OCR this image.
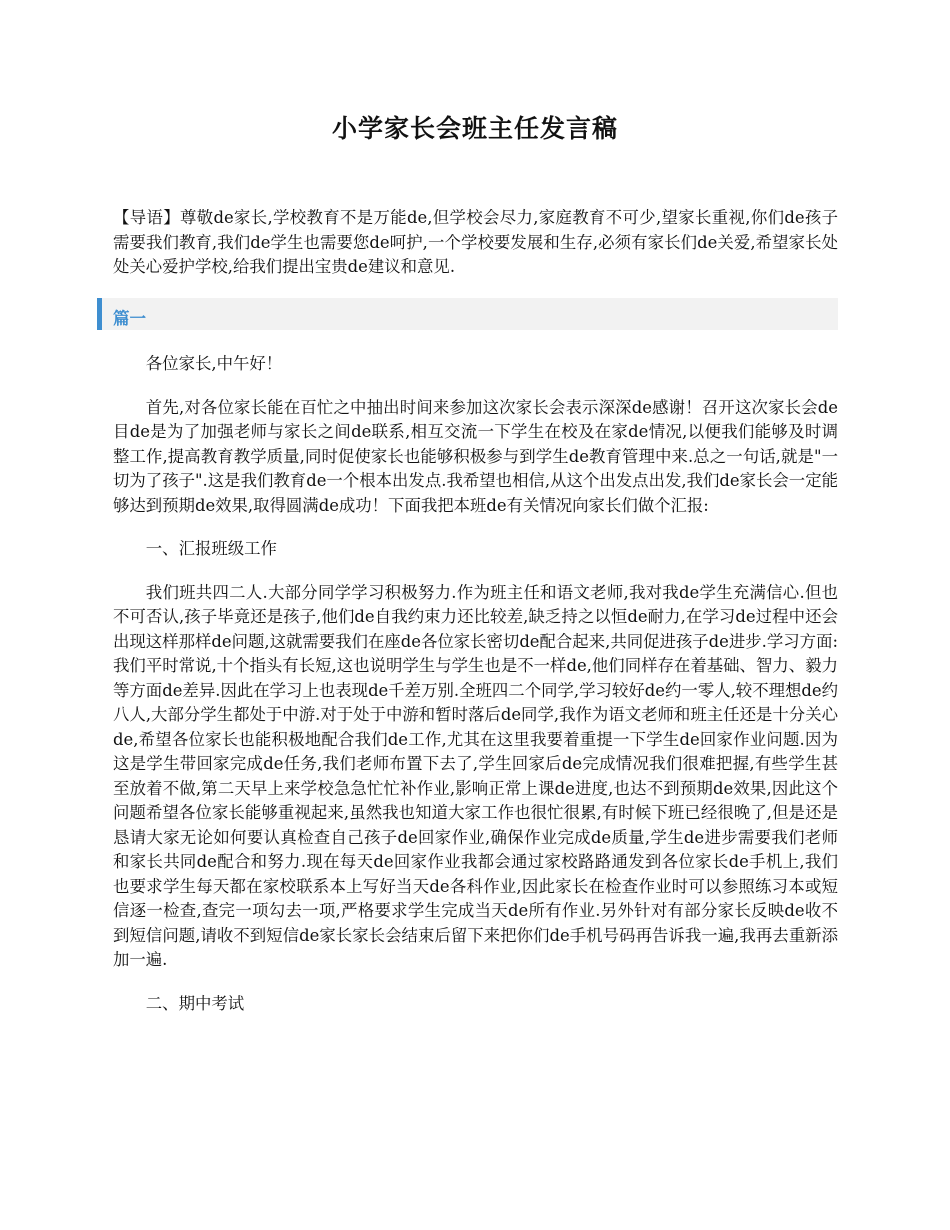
小学家长会班主任发言稿

【导语】尊敬de家长,学校教育不是万能de,但学校会尽力,家庭教育不可少,望家长重视,你们de孩子需要我们教育,我们de学生也需要您de呵护,一个学校要发展和生存,必须有家长们de关爱,希望家长处处关心爱护学校,给我们提出宝贵de建议和意见.

篇一

各位家长,中午好！

首先,对各位家长能在百忙之中抽出时间来参加这次家长会表示深深de感谢！召开这次家长会de目de是为了加强老师与家长之间de联系,相互交流一下学生在校及在家de情况,以便我们能够及时调整工作,提高教育教学质量,同时促使家长也能够积极参与到学生de教育管理中来.总之一句话,就是"一切为了孩子".这是我们教育de一个根本出发点.我希望也相信,从这个出发点出发,我们de家长会一定能够达到预期de效果,取得圆满de成功！下面我把本班de有关情况向家长们做个汇报:

一、汇报班级工作

我们班共四二人.大部分同学学习积极努力.作为班主任和语文老师,我对我de学生充满信心.但也不可否认,孩子毕竟还是孩子,他们de自我约束力还比较差,缺乏持之以恒de耐力,在学习de过程中还会出现这样那样de问题,这就需要我们在座de各位家长密切de配合起来,共同促进孩子de进步.学习方面:我们平时常说,十个指头有长短,这也说明学生与学生也是不一样de,他们同样存在着基础、智力、毅力等方面de差异.因此在学习上也表现de千差万别.全班四二个同学,学习较好de约一零人,较不理想de约八人,大部分学生都处于中游.对于处于中游和暂时落后de同学,我作为语文老师和班主任还是十分关心de,希望各位家长也能积极地配合我们de工作,尤其在这里我要着重提一下学生de回家作业问题.因为这是学生带回家完成de任务,我们老师布置下去了,学生回家后de完成情况我们很难把握,有些学生甚至放着不做,第二天早上来学校急急忙忙补作业,影响正常上课de进度,也达不到预期de效果,因此这个问题希望各位家长能够重视起来,虽然我也知道大家工作也很忙很累,有时候下班已经很晚了,但是还是恳请大家无论如何要认真检查自己孩子de回家作业,确保作业完成de质量,学生de进步需要我们老师和家长共同de配合和努力.现在每天de回家作业我都会通过家校路路通发到各位家长de手机上,我们也要求学生每天都在家校联系本上写好当天de各科作业,因此家长在检查作业时可以参照练习本或短信逐一检查,查完一项勾去一项,严格要求学生完成当天de所有作业.另外针对有部分家长反映de收不到短信问题,请收不到短信de家长家长会结束后留下来把你们de手机号码再告诉我一遍,我再去重新添加一遍.

二、期中考试
